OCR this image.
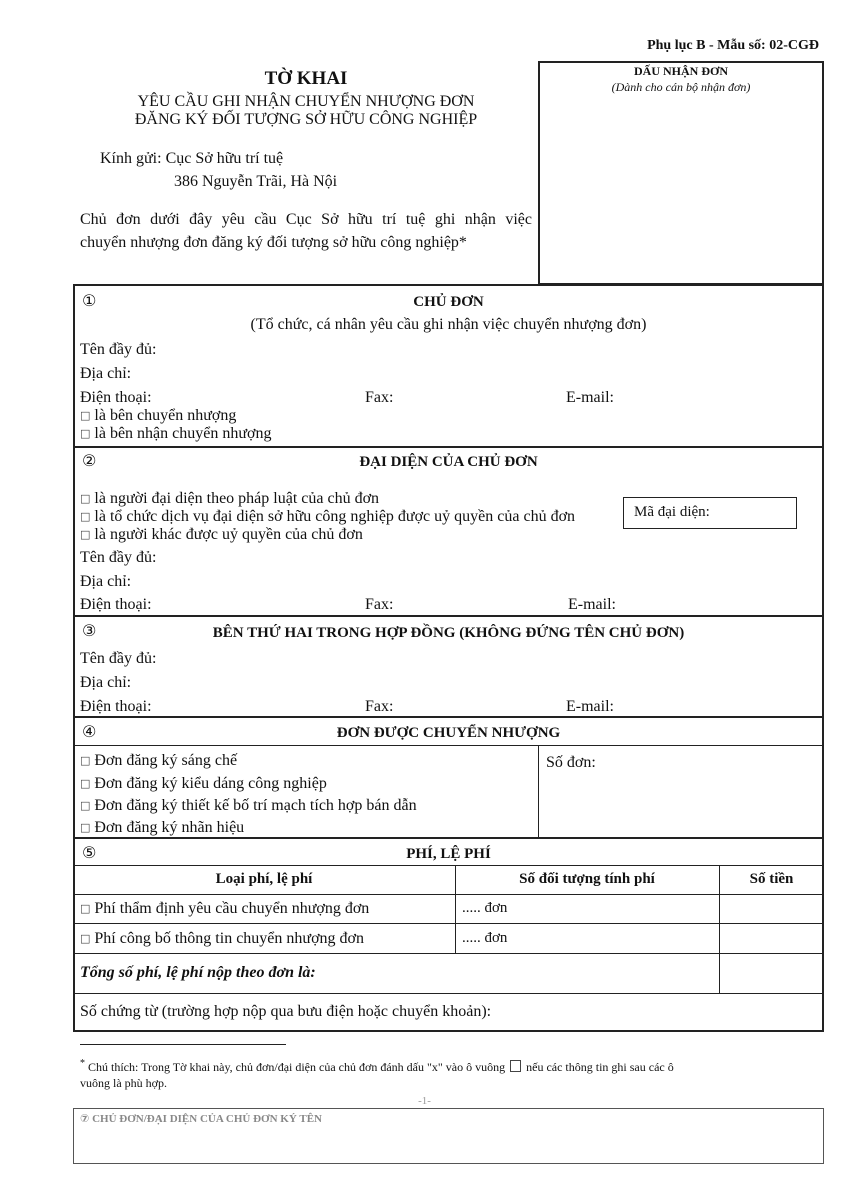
Phụ lục B - Mẫu số: 02-CGĐ
TỜ KHAI
YÊU CẦU GHI NHẬN CHUYỂN NHƯỢNG ĐƠN
ĐĂNG KÝ ĐỐI TƯỢNG SỞ HỮU CÔNG NGHIỆP
Kính gửi: Cục Sở hữu trí tuệ
386 Nguyễn Trãi, Hà Nội
Chủ đơn dưới đây yêu cầu Cục Sở hữu trí tuệ ghi nhận việc
chuyển nhượng đơn đăng ký đối tượng sở hữu công nghiệp*
DẤU NHẬN ĐƠN
(Dành cho cán bộ nhận đơn)
①	CHỦ ĐƠN
(Tổ chức, cá nhân yêu cầu ghi nhận việc chuyển nhượng đơn)
Tên đầy đủ:
Địa chỉ:
Điện thoại:	Fax:	E-mail:
□ là bên chuyển nhượng
□ là bên nhận chuyển nhượng
②	ĐẠI DIỆN CỦA CHỦ ĐƠN
□ là người đại diện theo pháp luật của chủ đơn
□ là tổ chức dịch vụ đại diện sở hữu công nghiệp được uỷ quyền của chủ đơn
□ là người khác được uỷ quyền của chủ đơn
Mã đại diện:
Tên đầy đủ:
Địa chỉ:
Điện thoại:	Fax:	E-mail:
③	BÊN THỨ HAI TRONG HỢP ĐỒNG (KHÔNG ĐỨNG TÊN CHỦ ĐƠN)
Tên đầy đủ:
Địa chỉ:
Điện thoại:	Fax:	E-mail:
④	ĐƠN ĐƯỢC CHUYỂN NHƯỢNG
□ Đơn đăng ký sáng chế
□ Đơn đăng ký kiểu dáng công nghiệp
□ Đơn đăng ký thiết kế bố trí mạch tích hợp bán dẫn
□ Đơn đăng ký nhãn hiệu
Số đơn:
⑤	PHÍ, LỆ PHÍ
Loại phí, lệ phí	Số đối tượng tính phí	Số tiền
□ Phí thẩm định yêu cầu chuyển nhượng đơn	..... đơn
□ Phí công bố thông tin chuyển nhượng đơn	..... đơn
Tổng số phí, lệ phí nộp theo đơn là:
Số chứng từ (trường hợp nộp qua bưu điện hoặc chuyển khoản):
* Chú thích: Trong Tờ khai này, chủ đơn/đại diện của chủ đơn đánh dấu "x" vào ô vuông nếu các thông tin ghi sau các ô
vuông là phù hợp.
-1-
⑦ CHỦ ĐƠN/ĐẠI DIỆN CỦA CHỦ ĐƠN KÝ TÊN
